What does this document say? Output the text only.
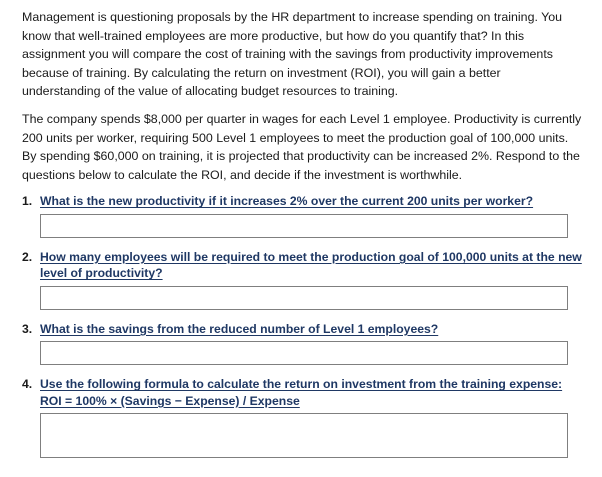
Management is questioning proposals by the HR department to increase spending on training. You know that well-trained employees are more productive, but how do you quantify that? In this assignment you will compare the cost of training with the savings from productivity improvements because of training. By calculating the return on investment (ROI), you will gain a better understanding of the value of allocating budget resources to training.

The company spends $8,000 per quarter in wages for each Level 1 employee. Productivity is currently 200 units per worker, requiring 500 Level 1 employees to meet the production goal of 100,000 units. By spending $60,000 on training, it is projected that productivity can be increased 2%. Respond to the questions below to calculate the ROI, and decide if the investment is worthwhile.

1. What is the new productivity if it increases 2% over the current 200 units per worker?
2. How many employees will be required to meet the production goal of 100,000 units at the new level of productivity?
3. What is the savings from the reduced number of Level 1 employees?
4. Use the following formula to calculate the return on investment from the training expense: ROI = 100% × (Savings − Expense) / Expense
